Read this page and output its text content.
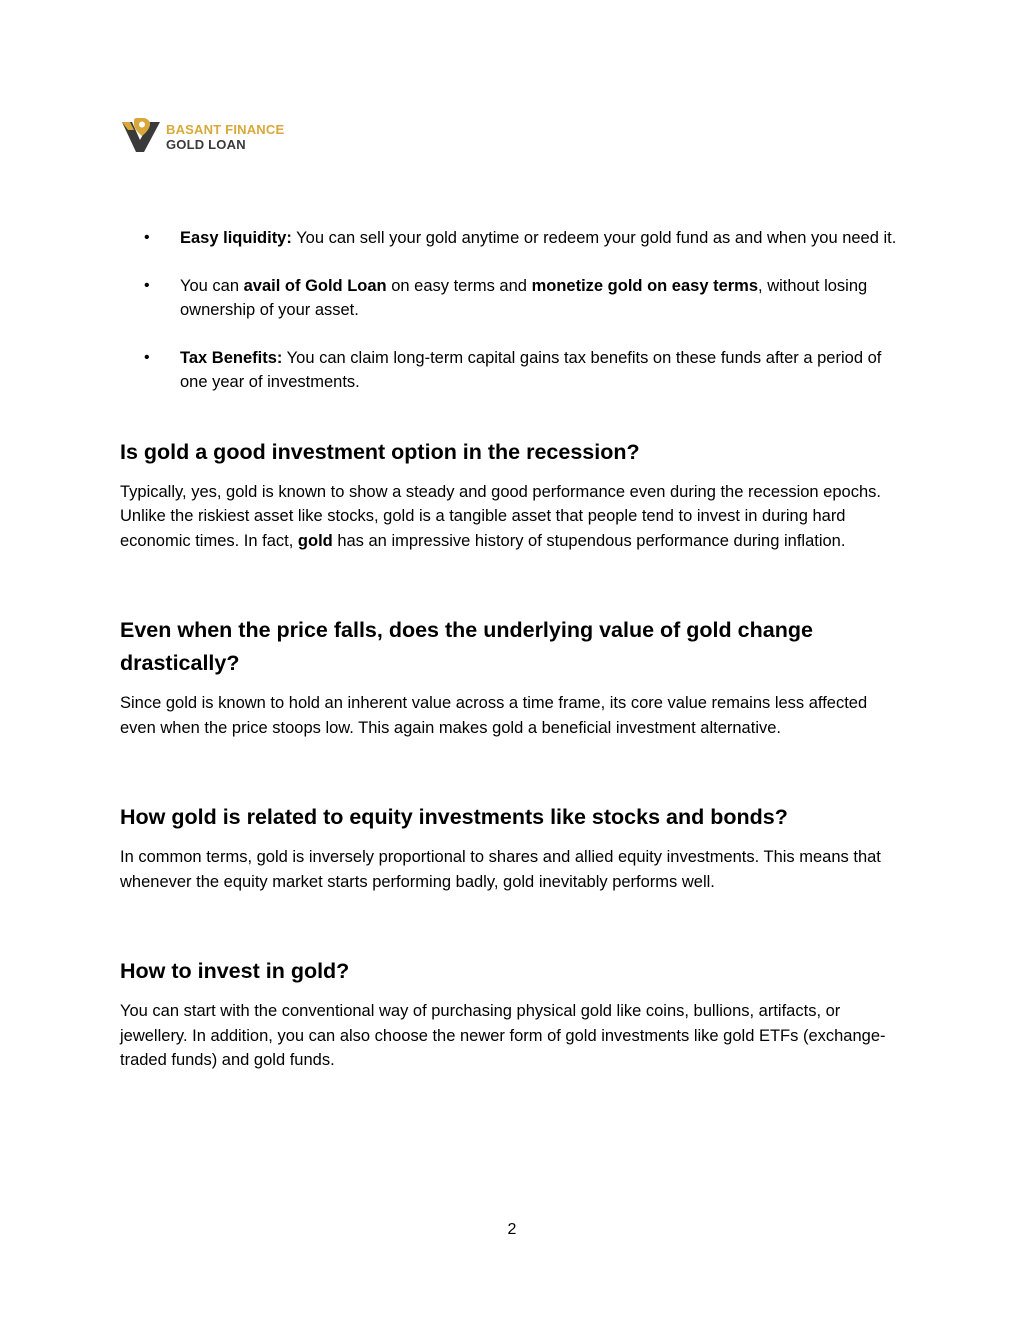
BASANT FINANCE
GOLD LOAN
• Easy liquidity: You can sell your gold anytime or redeem your gold fund as and when you need it.
• You can avail of Gold Loan on easy terms and monetize gold on easy terms, without losing ownership of your asset.
• Tax Benefits: You can claim long-term capital gains tax benefits on these funds after a period of one year of investments.
Is gold a good investment option in the recession?

Typically, yes, gold is known to show a steady and good performance even during the recession epochs. Unlike the riskiest asset like stocks, gold is a tangible asset that people tend to invest in during hard economic times. In fact, gold has an impressive history of stupendous performance during inflation.

Even when the price falls, does the underlying value of gold change drastically?

Since gold is known to hold an inherent value across a time frame, its core value remains less affected even when the price stoops low. This again makes gold a beneficial investment alternative.

How gold is related to equity investments like stocks and bonds?

In common terms, gold is inversely proportional to shares and allied equity investments. This means that whenever the equity market starts performing badly, gold inevitably performs well.

How to invest in gold?

You can start with the conventional way of purchasing physical gold like coins, bullions, artifacts, or jewellery. In addition, you can also choose the newer form of gold investments like gold ETFs (exchange-traded funds) and gold funds.

2
